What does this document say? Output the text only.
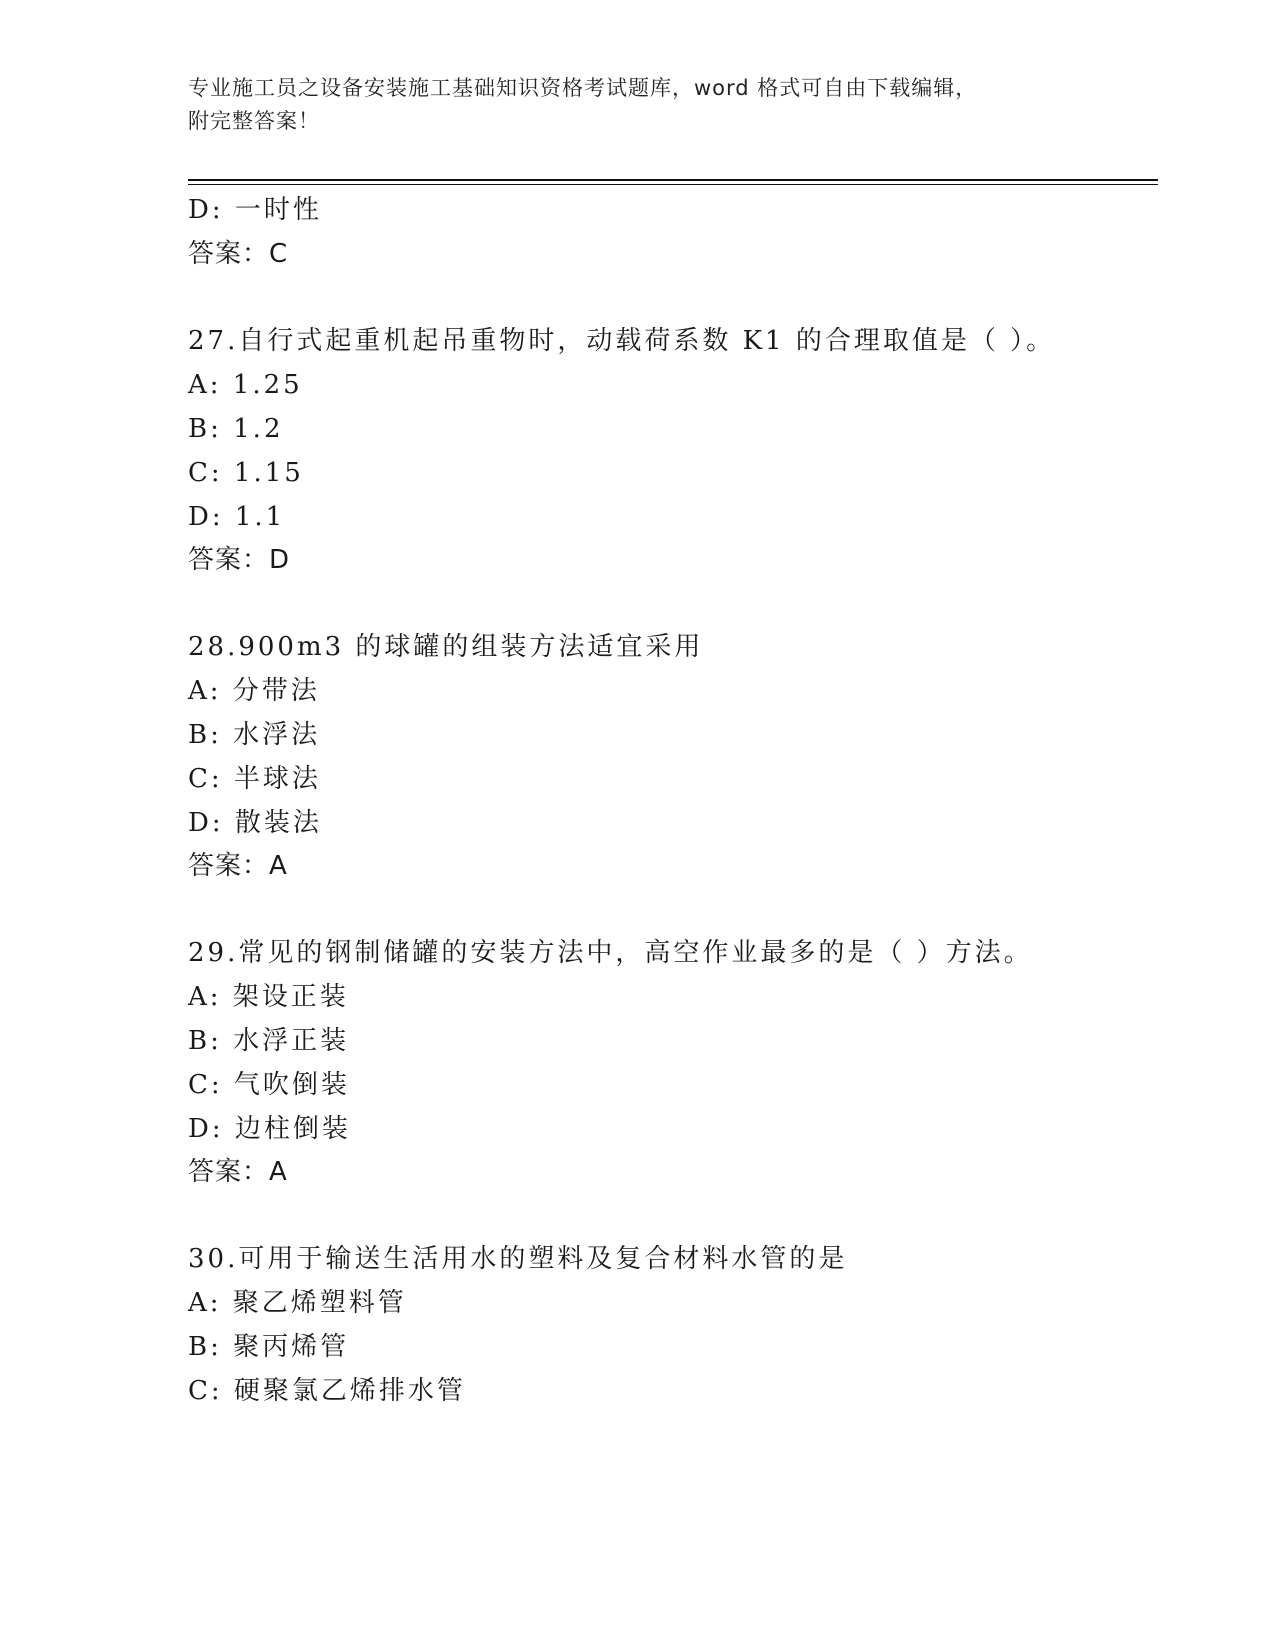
专业施工员之设备安装施工基础知识资格考试题库，word 格式可自由下载编辑，
附完整答案！
D: 一时性
答案：C
27.自行式起重机起吊重物时，动载荷系数 K1 的合理取值是（ ）。
A: 1.25
B: 1.2
C: 1.15
D: 1.1
答案：D
28.900m3 的球罐的组装方法适宜采用
A: 分带法
B: 水浮法
C: 半球法
D: 散装法
答案：A
29.常见的钢制储罐的安装方法中，高空作业最多的是（ ）方法。
A: 架设正装
B: 水浮正装
C: 气吹倒装
D: 边柱倒装
答案：A
30.可用于输送生活用水的塑料及复合材料水管的是
A: 聚乙烯塑料管
B: 聚丙烯管
C: 硬聚氯乙烯排水管
